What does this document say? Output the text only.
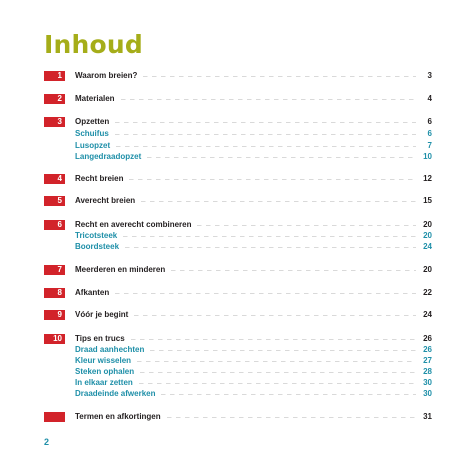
Inhoud
1	Waarom breien?	3
2	Materialen	4
3	Opzetten	6
Schuifus	6
Lusopzet	7
Langedraadopzet	10
4	Recht breien	12
5	Averecht breien	15
6	Recht en averecht combineren	20
Tricotsteek	20
Boordsteek	24
7	Meerderen en minderen	20
8	Afkanten	22
9	Vóór je begint	24
10	Tips en trucs	26
Draad aanhechten	26
Kleur wisselen	27
Steken ophalen	28
In elkaar zetten	30
Draadeinde afwerken	30
Termen en afkortingen	31
2
